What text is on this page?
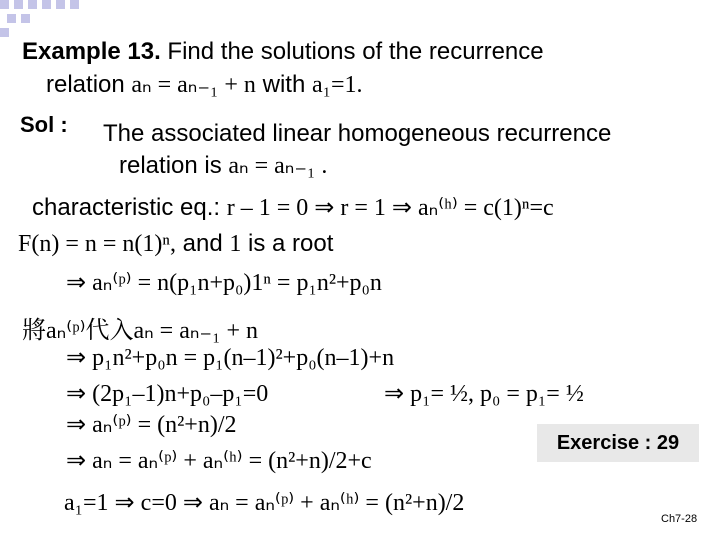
Example 13. Find the solutions of the recurrence
relation aₙ = aₙ₋₁ + n with a₁=1.
Sol : The associated linear homogeneous recurrence
relation is aₙ = aₙ₋₁ .
characteristic eq.: r – 1 = 0 ⇒ r = 1 ⇒ aₙ⁽ʰ⁾ = c(1)ⁿ=c
F(n) = n = n(1)ⁿ, and 1 is a root
⇒ aₙ⁽ᵖ⁾ = n(p₁n+p₀)1ⁿ = p₁n²+p₀n
將aₙ⁽ᵖ⁾代入aₙ = aₙ₋₁ + n
⇒ p₁n²+p₀n = p₁(n–1)²+p₀(n–1)+n
⇒ (2p₁–1)n+p₀–p₁=0	⇒ p₁= ½, p₀ = p₁= ½
⇒ aₙ⁽ᵖ⁾ = (n²+n)/2
⇒ aₙ = aₙ⁽ᵖ⁾ + aₙ⁽ʰ⁾ = (n²+n)/2+c
Exercise : 29
a₁=1 ⇒ c=0 ⇒ aₙ = aₙ⁽ᵖ⁾ + aₙ⁽ʰ⁾ = (n²+n)/2
Ch7-28
